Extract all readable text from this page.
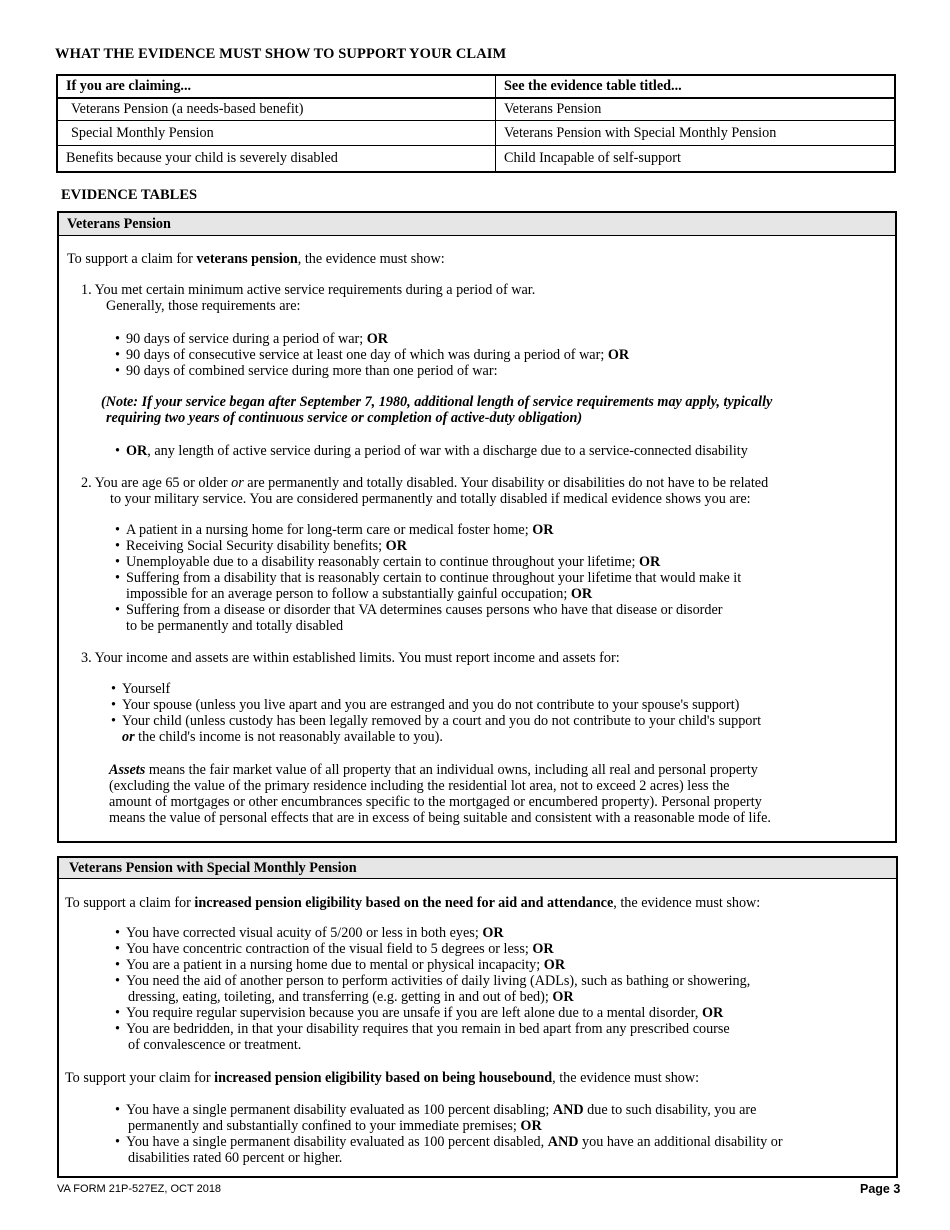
WHAT THE EVIDENCE MUST SHOW TO SUPPORT YOUR CLAIM
If you are claiming...	See the evidence table titled...
Veterans Pension (a needs-based benefit)	Veterans Pension
Special Monthly Pension	Veterans Pension with Special Monthly Pension
Benefits because your child is severely disabled	Child Incapable of self-support
EVIDENCE TABLES
Veterans Pension
To support a claim for veterans pension, the evidence must show:
1. You met certain minimum active service requirements during a period of war.
Generally, those requirements are:
• 90 days of service during a period of war; OR
• 90 days of consecutive service at least one day of which was during a period of war; OR
• 90 days of combined service during more than one period of war:
(Note: If your service began after September 7, 1980, additional length of service requirements may apply, typically
requiring two years of continuous service or completion of active-duty obligation)
• OR, any length of active service during a period of war with a discharge due to a service-connected disability
2. You are age 65 or older or are permanently and totally disabled. Your disability or disabilities do not have to be related
to your military service. You are considered permanently and totally disabled if medical evidence shows you are:
• A patient in a nursing home for long-term care or medical foster home; OR
• Receiving Social Security disability benefits; OR
• Unemployable due to a disability reasonably certain to continue throughout your lifetime; OR
• Suffering from a disability that is reasonably certain to continue throughout your lifetime that would make it
impossible for an average person to follow a substantially gainful occupation; OR
• Suffering from a disease or disorder that VA determines causes persons who have that disease or disorder
to be permanently and totally disabled
3. Your income and assets are within established limits. You must report income and assets for:
• Yourself
• Your spouse (unless you live apart and you are estranged and you do not contribute to your spouse's support)
• Your child (unless custody has been legally removed by a court and you do not contribute to your child's support
or the child's income is not reasonably available to you).
Assets means the fair market value of all property that an individual owns, including all real and personal property
(excluding the value of the primary residence including the residential lot area, not to exceed 2 acres) less the
amount of mortgages or other encumbrances specific to the mortgaged or encumbered property). Personal property
means the value of personal effects that are in excess of being suitable and consistent with a reasonable mode of life.
Veterans Pension with Special Monthly Pension
To support a claim for increased pension eligibility based on the need for aid and attendance, the evidence must show:
• You have corrected visual acuity of 5/200 or less in both eyes; OR
• You have concentric contraction of the visual field to 5 degrees or less; OR
• You are a patient in a nursing home due to mental or physical incapacity; OR
• You need the aid of another person to perform activities of daily living (ADLs), such as bathing or showering,
dressing, eating, toileting, and transferring (e.g. getting in and out of bed); OR
• You require regular supervision because you are unsafe if you are left alone due to a mental disorder, OR
• You are bedridden, in that your disability requires that you remain in bed apart from any prescribed course
of convalescence or treatment.
To support your claim for increased pension eligibility based on being housebound, the evidence must show:
• You have a single permanent disability evaluated as 100 percent disabling; AND due to such disability, you are
permanently and substantially confined to your immediate premises; OR
• You have a single permanent disability evaluated as 100 percent disabled, AND you have an additional disability or
disabilities rated 60 percent or higher.
VA FORM 21P-527EZ, OCT 2018	Page 3
